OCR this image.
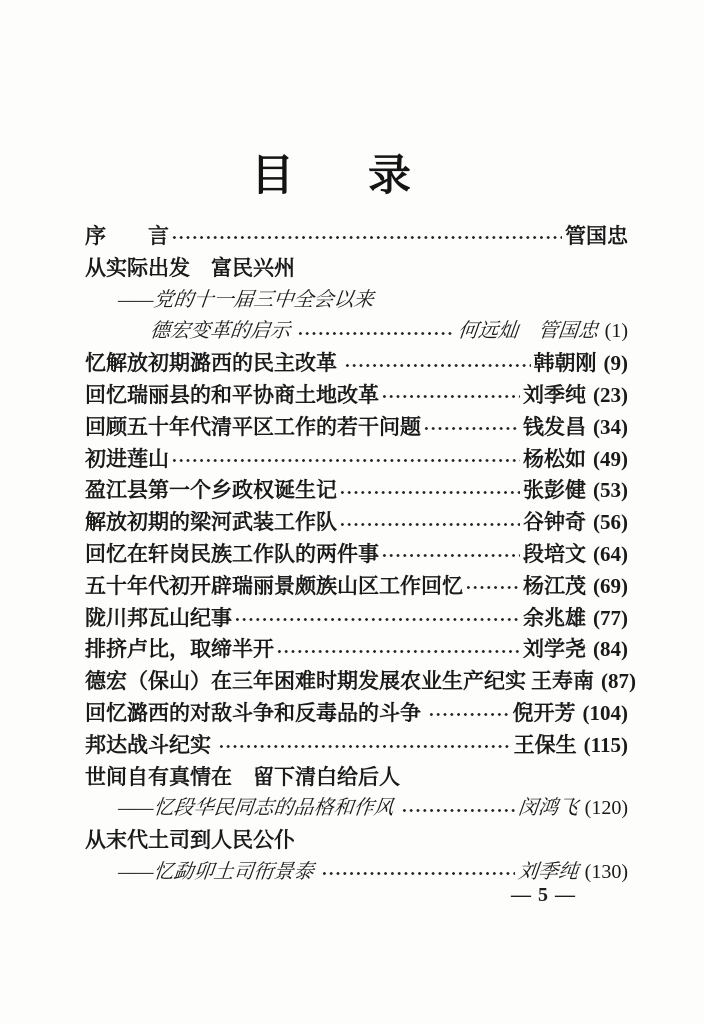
目 录
序　　言	管国忠
从实际出发　富民兴州
——党的十一届三中全会以来
德宏变革的启示	何远灿　管国忠 (1)
忆解放初期潞西的民主改革	韩朝刚 (9)
回忆瑞丽县的和平协商土地改革	刘季纯 (23)
回顾五十年代清平区工作的若干问题	钱发昌 (34)
初进莲山	杨松如 (49)
盈江县第一个乡政权诞生记	张彭健 (53)
解放初期的梁河武装工作队	谷钟奇 (56)
回忆在轩岗民族工作队的两件事	段培文 (64)
五十年代初开辟瑞丽景颇族山区工作回忆	杨江茂 (69)
陇川邦瓦山纪事	余兆雄 (77)
排挤卢比，取缔半开	刘学尧 (84)
德宏（保山）在三年困难时期发展农业生产纪实 王寿南 (87)
回忆潞西的对敌斗争和反毒品的斗争	倪开芳 (104)
邦达战斗纪实	王保生 (115)
世间自有真情在　留下清白给后人
——忆段华民同志的品格和作风	闵鸿飞 (120)
从末代土司到人民公仆
——忆勐卯土司衎景泰	刘季纯 (130)
— 5 —
